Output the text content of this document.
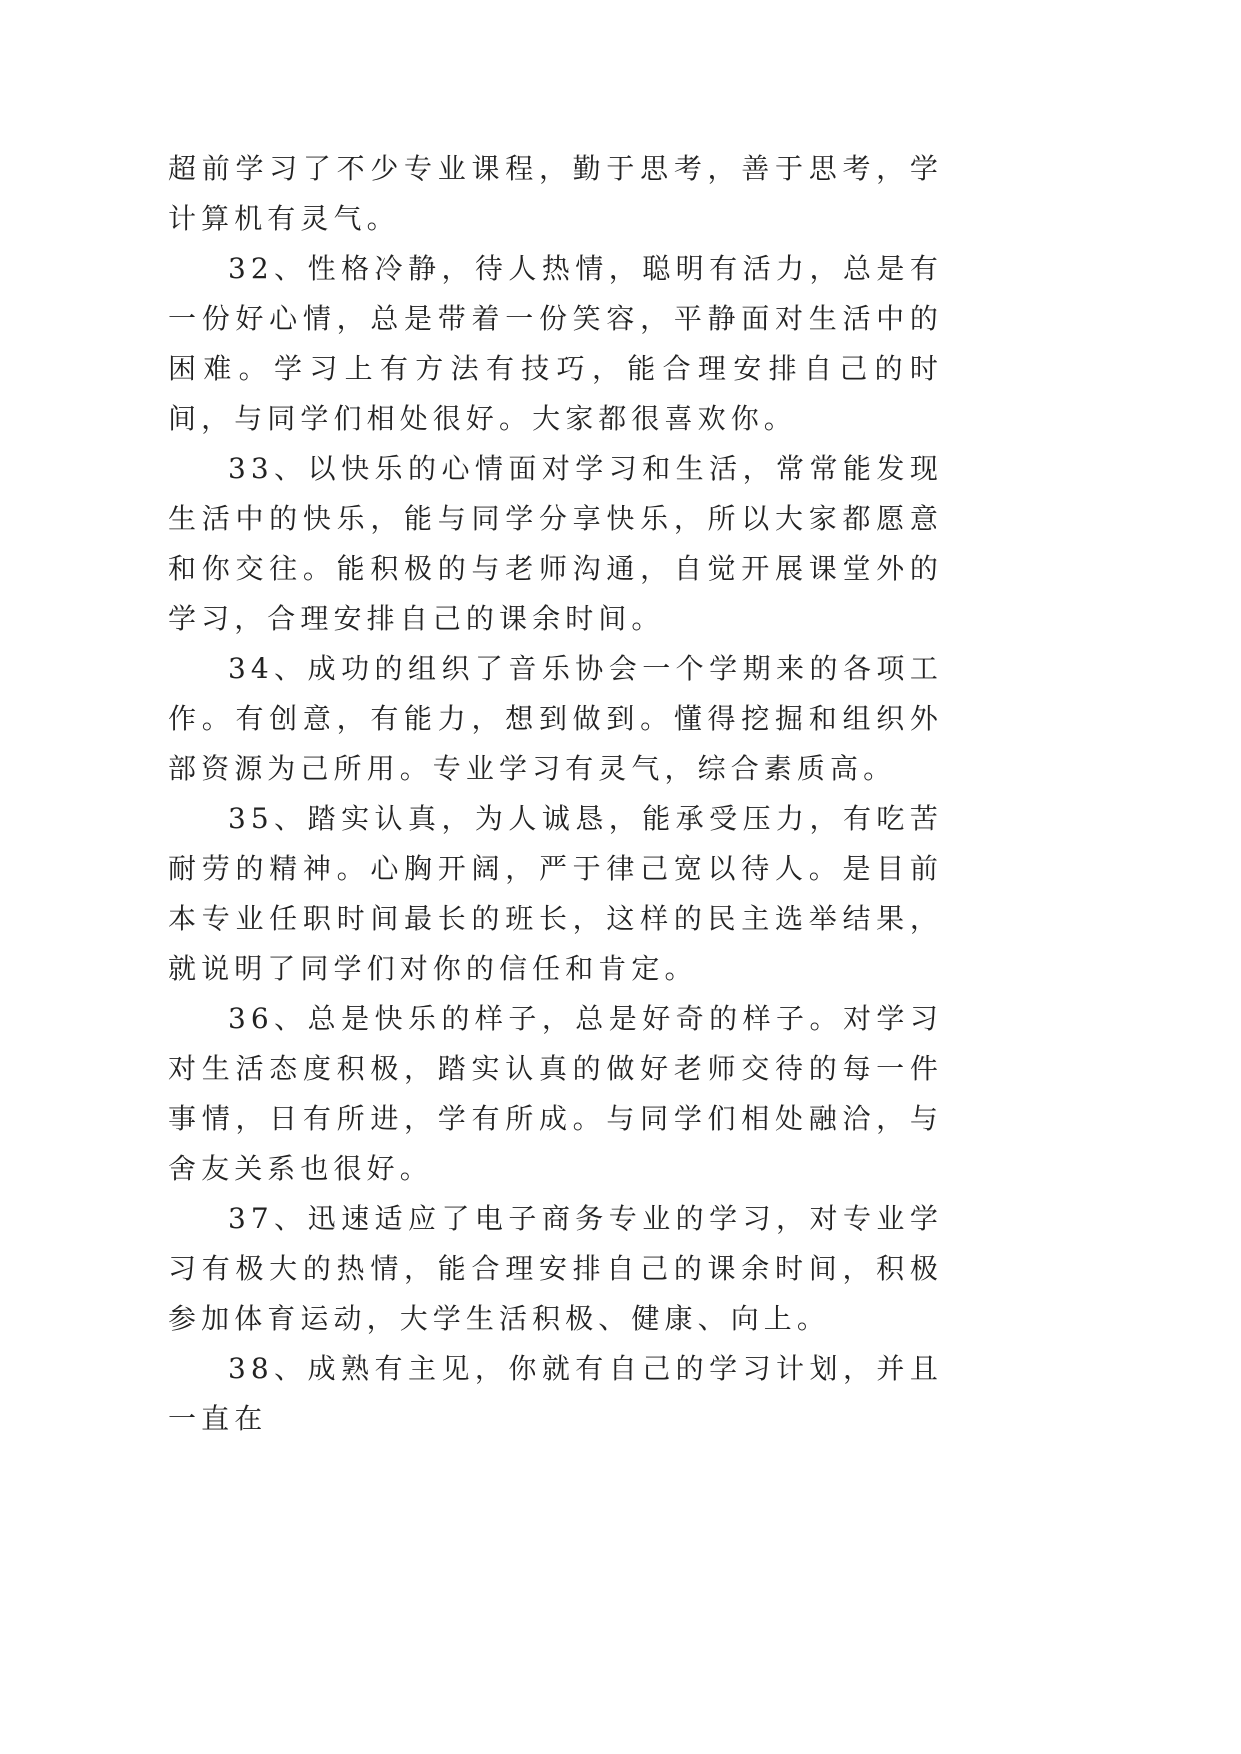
超前学习了不少专业课程，勤于思考，善于思考，学计算机有灵气。

32、性格冷静，待人热情，聪明有活力，总是有一份好心情，总是带着一份笑容，平静面对生活中的困难。学习上有方法有技巧，能合理安排自己的时间，与同学们相处很好。大家都很喜欢你。

33、以快乐的心情面对学习和生活，常常能发现生活中的快乐，能与同学分享快乐，所以大家都愿意和你交往。能积极的与老师沟通，自觉开展课堂外的学习，合理安排自己的课余时间。

34、成功的组织了音乐协会一个学期来的各项工作。有创意，有能力，想到做到。懂得挖掘和组织外部资源为己所用。专业学习有灵气，综合素质高。

35、踏实认真，为人诚恳，能承受压力，有吃苦耐劳的精神。心胸开阔，严于律己宽以待人。是目前本专业任职时间最长的班长，这样的民主选举结果，就说明了同学们对你的信任和肯定。

36、总是快乐的样子，总是好奇的样子。对学习对生活态度积极，踏实认真的做好老师交待的每一件事情，日有所进，学有所成。与同学们相处融洽，与舍友关系也很好。

37、迅速适应了电子商务专业的学习，对专业学习有极大的热情，能合理安排自己的课余时间，积极参加体育运动，大学生活积极、健康、向上。

38、成熟有主见，你就有自己的学习计划，并且一直在
